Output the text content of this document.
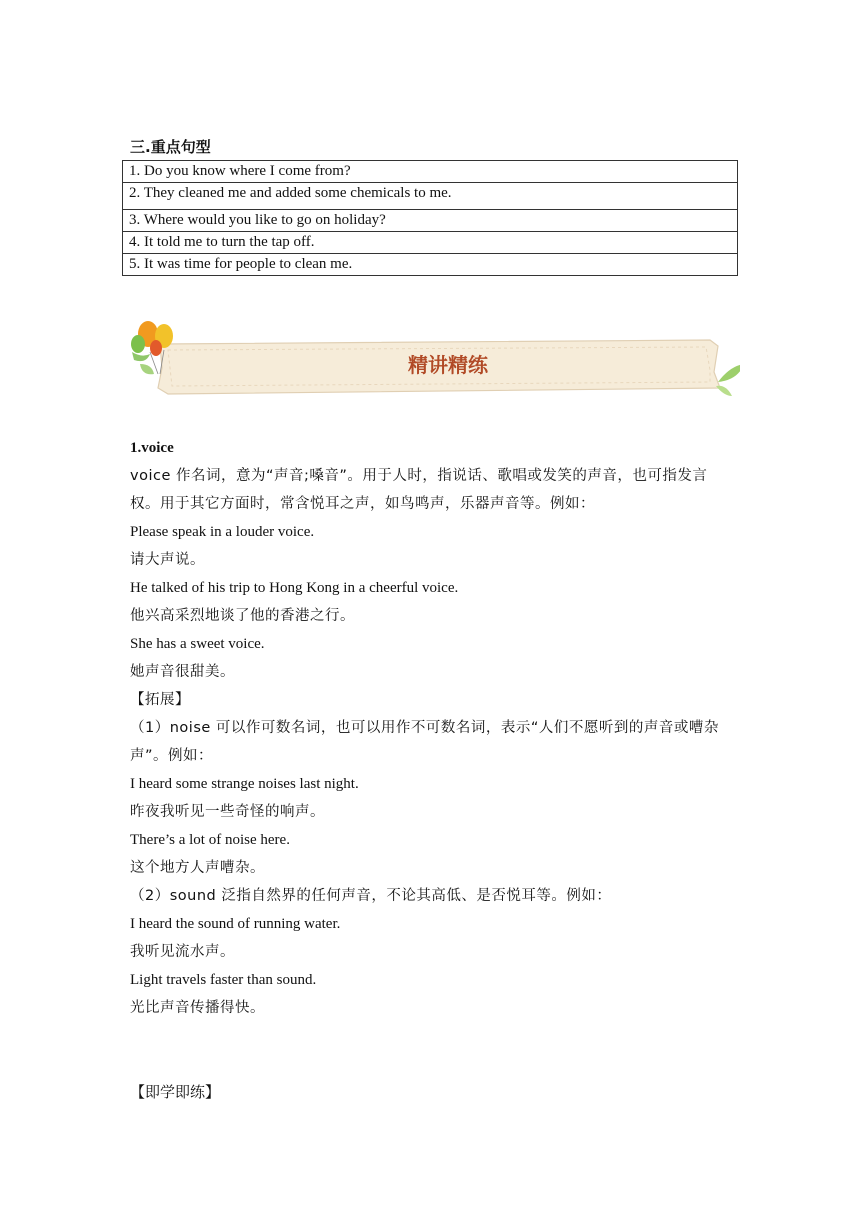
三.重点句型
1. Do you know where I come from?
2. They cleaned me and added some chemicals to me.
3. Where would you like to go on holiday?
4. It told me to turn the tap off.
5. It was time for people to clean me.
精讲精练

1.voice

voice 作名词，意为“声音;嗓音”。用于人时，指说话、歌唱或发笑的声音，也可指发言权。用于其它方面时，常含悦耳之声，如鸟鸣声，乐器声音等。例如：

Please speak in a louder voice.

请大声说。

He talked of his trip to Hong Kong in a cheerful voice.

他兴高采烈地谈了他的香港之行。

She has a sweet voice.

她声音很甜美。

【拓展】

（1）noise 可以作可数名词，也可以用作不可数名词，表示“人们不愿听到的声音或嘈杂声”。例如：

I heard some strange noises last night.

昨夜我听见一些奇怪的响声。

There’s a lot of noise here.

这个地方人声嘈杂。

（2）sound 泛指自然界的任何声音，不论其高低、是否悦耳等。例如：

I heard the sound of running water.

我听见流水声。

Light travels faster than sound.

光比声音传播得快。

【即学即练】
